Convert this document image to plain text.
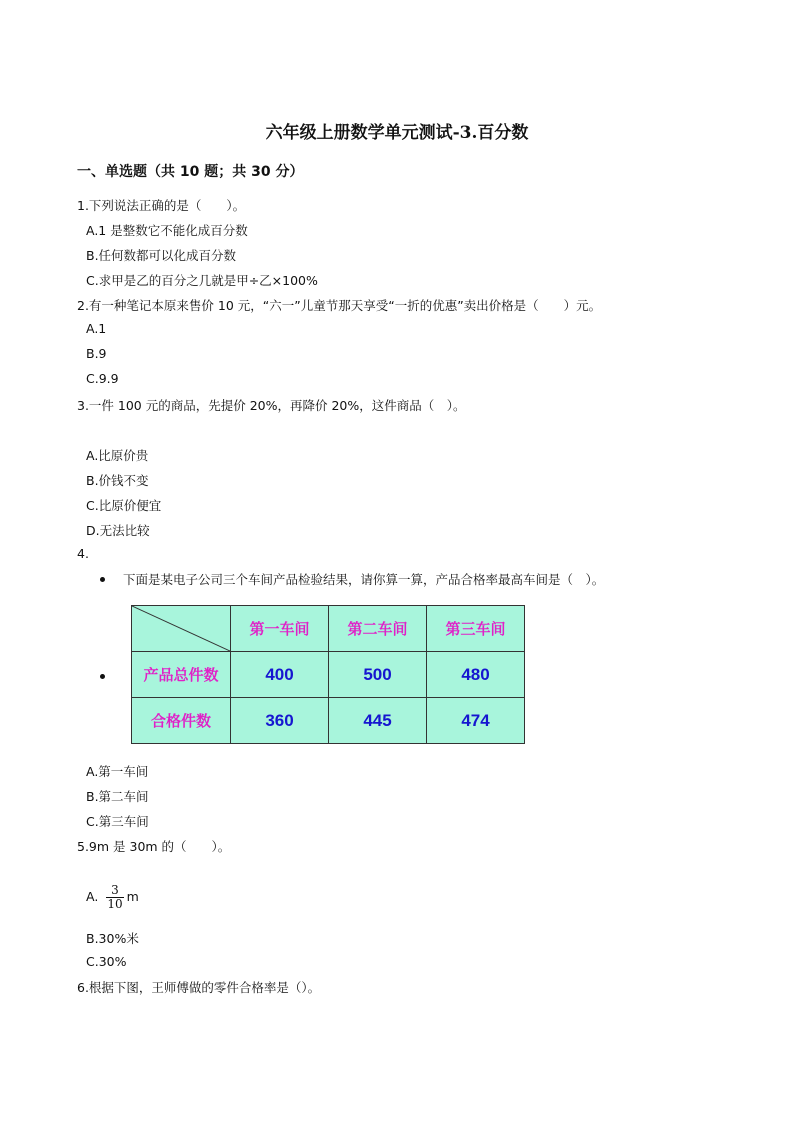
六年级上册数学单元测试-3.百分数
一、单选题（共 10 题；共 30 分）
1.下列说法正确的是（　　）。
A.1 是整数它不能化成百分数
B.任何数都可以化成百分数
C.求甲是乙的百分之几就是甲÷乙×100%
2.有一种笔记本原来售价 10 元，“六一”儿童节那天享受“一折的优惠”卖出价格是（　　）元。
A.1
B.9
C.9.9
3.一件 100 元的商品，先提价 20%，再降价 20%，这件商品（　）。
A.比原价贵
B.价钱不变
C.比原价便宜
D.无法比较
4.
下面是某电子公司三个车间产品检验结果，请你算一算，产品合格率最高车间是（　）。
	第一车间	第二车间	第三车间
产品总件数	400	500	480
合格件数	360	445	474
A.第一车间
B.第二车间
C.第三车间
5.9m 是 30m 的（　　）。
A. $\frac{3}{10}$ m
B.30%米
C.30%
6.根据下图，王师傅做的零件合格率是（）。
